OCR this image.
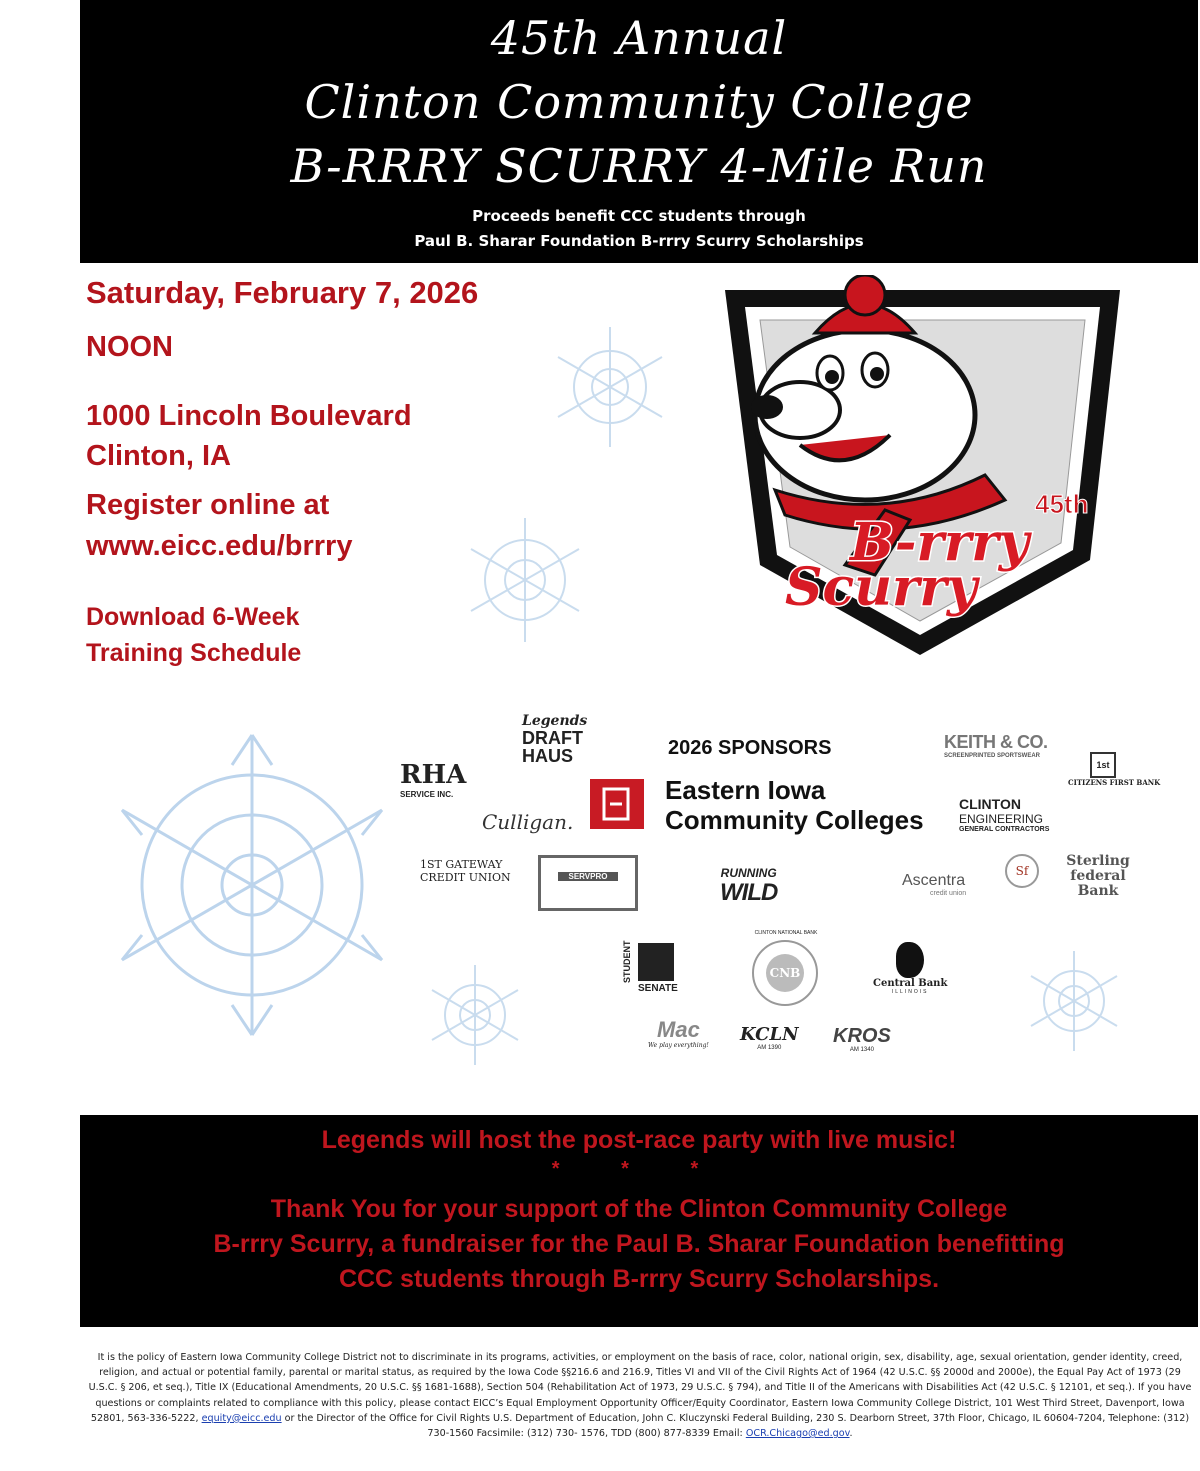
45th Annual
Clinton Community College
B-RRRY SCURRY 4-Mile Run
Proceeds benefit CCC students through
Paul B. Sharar Foundation B-rrry Scurry Scholarships
Saturday, February 7, 2026
NOON
1000 Lincoln Boulevard
Clinton, IA
Register online at
www.eicc.edu/brrry
Download 6-Week
Training Schedule
45th
B-rrry
Scurry
2026 SPONSORS
Eastern Iowa
Community Colleges
Legends
DRAFT
HAUS
RHA
SERVICE INC.
Culligan.
KEITH & CO.
SCREENPRINTED SPORTSWEAR
1st
CITIZENS FIRST BANK
CLINTON
ENGINEERING
GENERAL CONTRACTORS
1ST GATEWAY
CREDIT UNION	SERVPRO	RUNNING
WILD	Ascentra
credit union
Sf
Sterling federal
Bank
STUDENT
SENATE
CNB
CLINTON NATIONAL BANK
Central Bank
ILLINOIS
Mac
We play everything!
KCLN
AM 1390
KROS
AM 1340
Legends will host the post-race party with live music!
* * *
Thank You for your support of the Clinton Community College
B-rrry Scurry, a fundraiser for the Paul B. Sharar Foundation benefitting
CCC students through B-rrry Scurry Scholarships.
It is the policy of Eastern Iowa Community College District not to discriminate in its programs, activities, or employment on the basis of race, color, national origin, sex, disability, age, sexual orientation, gender identity, creed, religion, and actual or potential family, parental or marital status, as required by the Iowa Code §§216.6 and 216.9, Titles VI and VII of the Civil Rights Act of 1964 (42 U.S.C. §§ 2000d and 2000e), the Equal Pay Act of 1973 (29 U.S.C. § 206, et seq.), Title IX (Educational Amendments, 20 U.S.C. §§ 1681-1688), Section 504 (Rehabilitation Act of 1973, 29 U.S.C. § 794), and Title II of the Americans with Disabilities Act (42 U.S.C. § 12101, et seq.). If you have questions or complaints related to compliance with this policy, please contact EICC’s Equal Employment Opportunity Officer/Equity Coordinator, Eastern Iowa Community College District, 101 West Third Street, Davenport, Iowa 52801, 563-336-5222, equity@eicc.edu or the Director of the Office for Civil Rights U.S. Department of Education, John C. Kluczynski Federal Building, 230 S. Dearborn Street, 37th Floor, Chicago, IL 60604-7204, Telephone: (312) 730-1560 Facsimile: (312) 730- 1576, TDD (800) 877-8339 Email: OCR.Chicago@ed.gov.
